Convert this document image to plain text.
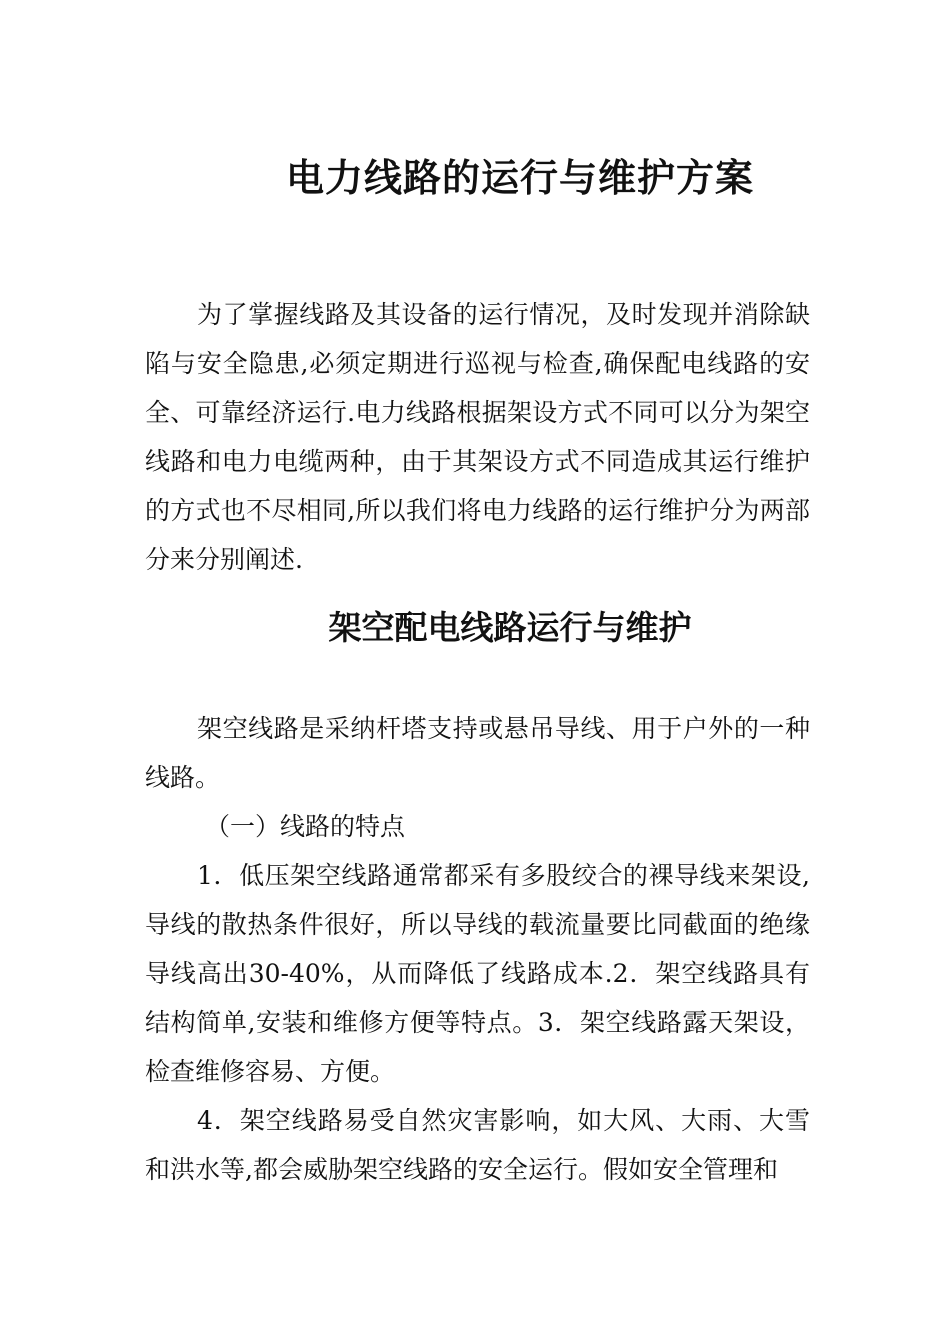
电力线路的运行与维护方案

为了掌握线路及其设备的运行情况，及时发现并消除缺陷与安全隐患,必须定期进行巡视与检查,确保配电线路的安全、可靠经济运行.电力线路根据架设方式不同可以分为架空线路和电力电缆两种，由于其架设方式不同造成其运行维护的方式也不尽相同,所以我们将电力线路的运行维护分为两部分来分别阐述.

架空配电线路运行与维护

架空线路是采纳杆塔支持或悬吊导线、用于户外的一种线路。

（一）线路的特点

1．低压架空线路通常都采有多股绞合的裸导线来架设,导线的散热条件很好，所以导线的载流量要比同截面的绝缘导线高出30-40%，从而降低了线路成本.2．架空线路具有结构简单,安装和维修方便等特点。3．架空线路露天架设，检查维修容易、方便。

4．架空线路易受自然灾害影响，如大风、大雨、大雪和洪水等,都会威胁架空线路的安全运行。假如安全管理和
